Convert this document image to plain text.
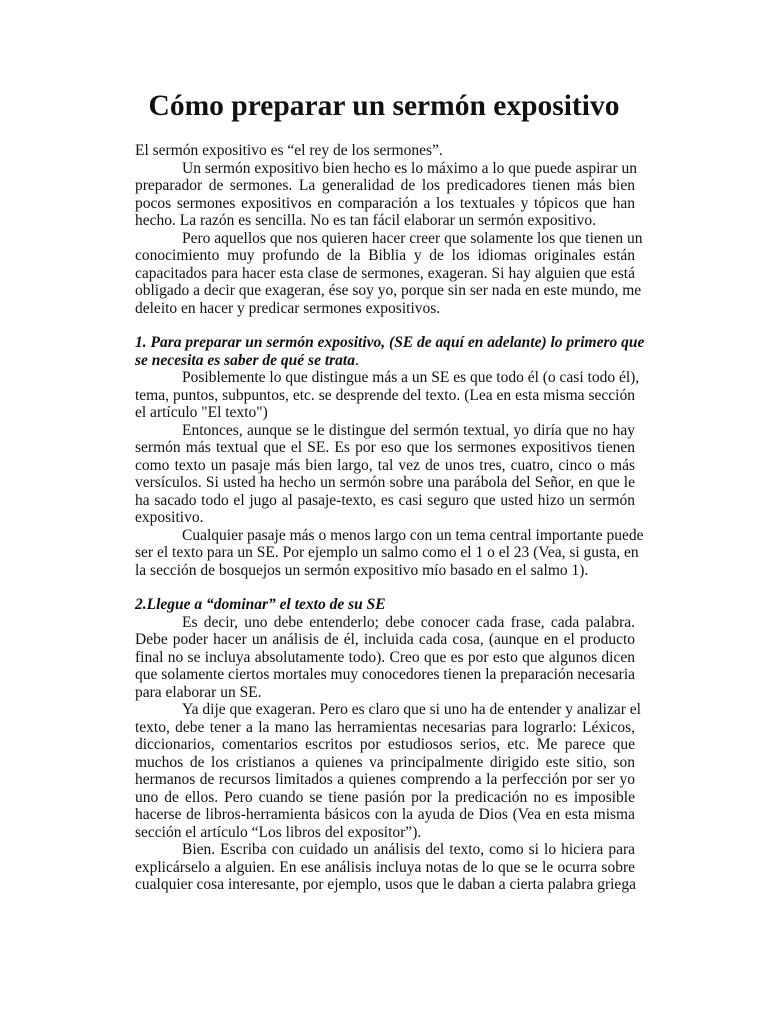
Cómo preparar un sermón expositivo

El sermón expositivo es “el rey de los sermones”.

Un sermón expositivo bien hecho es lo máximo a lo que puede aspirar un
preparador de sermones. La generalidad de los predicadores tienen más bien
pocos sermones expositivos en comparación a los textuales y tópicos que han
hecho. La razón es sencilla. No es tan fácil elaborar un sermón expositivo.

Pero aquellos que nos quieren hacer creer que solamente los que tienen un
conocimiento muy profundo de la Biblia y de los idiomas originales están
capacitados para hacer esta clase de sermones, exageran. Si hay alguien que está
obligado a decir que exageran, ése soy yo, porque sin ser nada en este mundo, me
deleito en hacer y predicar sermones expositivos.

1. Para preparar un sermón expositivo, (SE de aquí en adelante) lo primero que
se necesita es saber de qué se trata.

Posiblemente lo que distingue más a un SE es que todo él (o casi todo él),
tema, puntos, subpuntos, etc. se desprende del texto. (Lea en esta misma sección
el artículo "El texto")

Entonces, aunque se le distingue del sermón textual, yo diría que no hay
sermón más textual que el SE. Es por eso que los sermones expositivos tienen
como texto un pasaje más bien largo, tal vez de unos tres, cuatro, cinco o más
versículos. Si usted ha hecho un sermón sobre una parábola del Señor, en que le
ha sacado todo el jugo al pasaje-texto, es casi seguro que usted hizo un sermón
expositivo.

Cualquier pasaje más o menos largo con un tema central importante puede
ser el texto para un SE. Por ejemplo un salmo como el 1 o el 23 (Vea, si gusta, en
la sección de bosquejos un sermón expositivo mío basado en el salmo 1).

2.Llegue a “dominar” el texto de su SE

Es decir, uno debe entenderlo; debe conocer cada frase, cada palabra.
Debe poder hacer un análisis de él, incluida cada cosa, (aunque en el producto
final no se incluya absolutamente todo). Creo que es por esto que algunos dicen
que solamente ciertos mortales muy conocedores tienen la preparación necesaria
para elaborar un SE.

Ya dije que exageran. Pero es claro que si uno ha de entender y analizar el
texto, debe tener a la mano las herramientas necesarias para lograrlo: Léxicos,
diccionarios, comentarios escritos por estudiosos serios, etc. Me parece que
muchos de los cristianos a quienes va principalmente dirigido este sitio, son
hermanos de recursos limitados a quienes comprendo a la perfección por ser yo
uno de ellos. Pero cuando se tiene pasión por la predicación no es imposible
hacerse de libros-herramienta básicos con la ayuda de Dios (Vea en esta misma
sección el artículo “Los libros del expositor”).

Bien. Escriba con cuidado un análisis del texto, como si lo hiciera para
explicárselo a alguien. En ese análisis incluya notas de lo que se le ocurra sobre
cualquier cosa interesante, por ejemplo, usos que le daban a cierta palabra griega
